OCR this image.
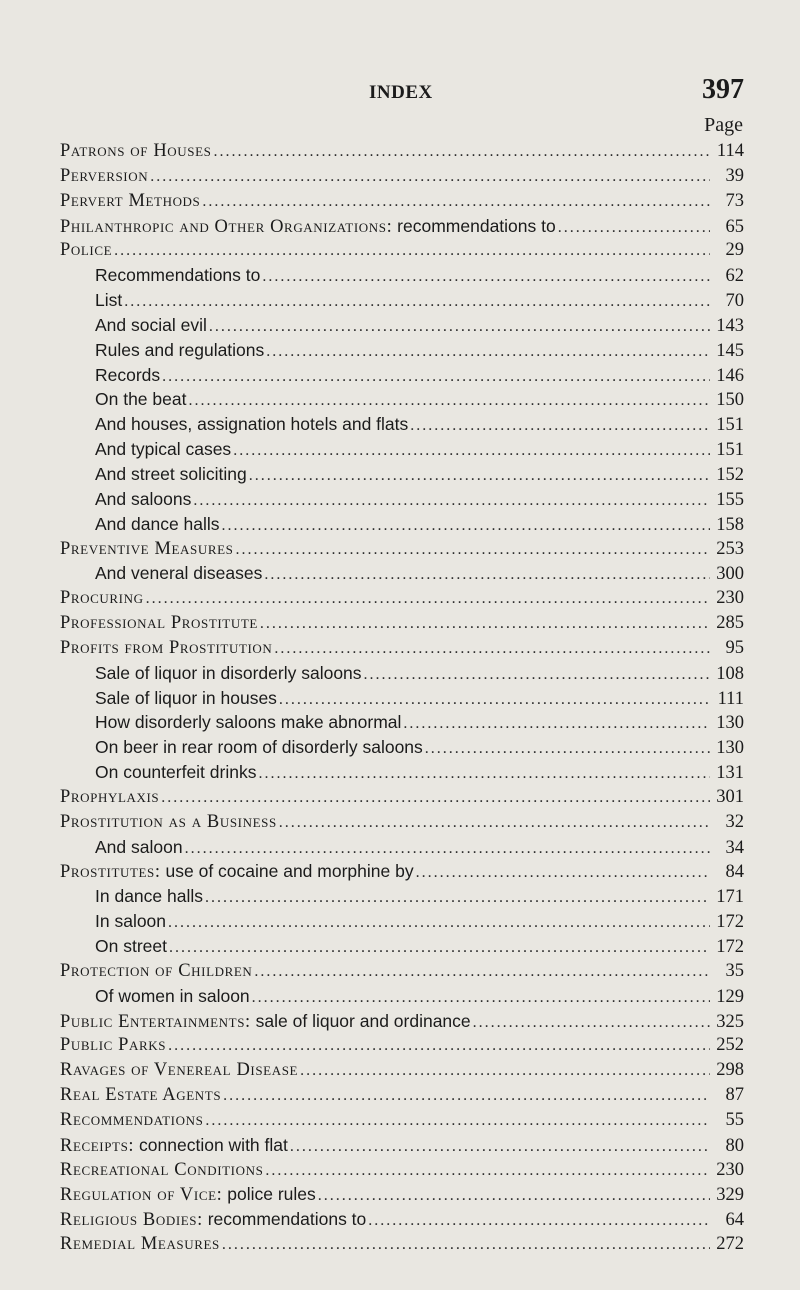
INDEX	397
Page
Patrons of Houses .....	114
Perversion .....	39
Pervert Methods .....	73
Philanthropic and Other Organizations: recommendations to .....	65
Police .....	29
Recommendations to .....	62
List .....	70
And social evil .....	143
Rules and regulations .....	145
Records .....	146
On the beat .....	150
And houses, assignation hotels and flats .....	151
And typical cases .....	151
And street soliciting .....	152
And saloons .....	155
And dance halls .....	158
Preventive Measures .....	253
And veneral diseases .....	300
Procuring .....	230
Professional Prostitute .....	285
Profits from Prostitution .....	95
Sale of liquor in disorderly saloons .....	108
Sale of liquor in houses .....	111
How disorderly saloons make abnormal .....	130
On beer in rear room of disorderly saloons .....	130
On counterfeit drinks .....	131
Prophylaxis .....	301
Prostitution as a Business .....	32
And saloon .....	34
Prostitutes: use of cocaine and morphine by .....	84
In dance halls .....	171
In saloon .....	172
On street .....	172
Protection of Children .....	35
Of women in saloon .....	129
Public Entertainments: sale of liquor and ordinance .....	325
Public Parks .....	252
Ravages of Venereal Disease .....	298
Real Estate Agents .....	87
Recommendations .....	55
Receipts: connection with flat .....	80
Recreational Conditions .....	230
Regulation of Vice: police rules .....	329
Religious Bodies: recommendations to .....	64
Remedial Measures .....	272
